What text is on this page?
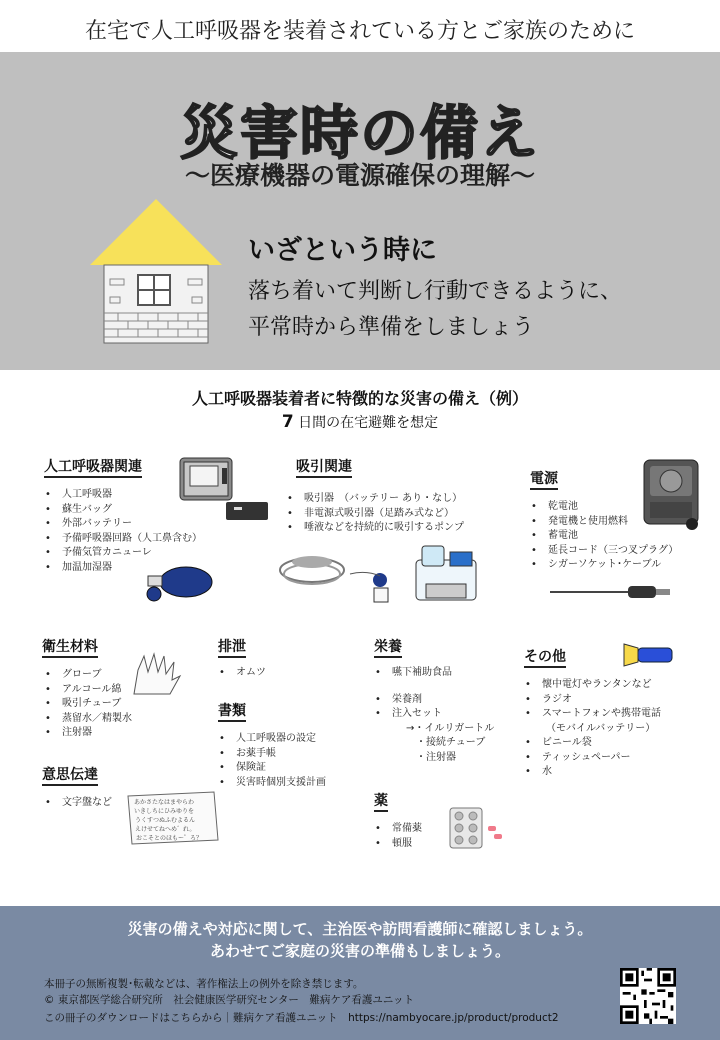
在宅で人工呼吸器を装着されている方とご家族のために
災害時の備え
～医療機器の電源確保の理解～
いざという時に
落ち着いて判断し行動できるように、
平常時から準備をしましょう
人工呼吸器装着者に特徴的な災害の備え（例）
7 日間の在宅避難を想定
人工呼吸器関連
• 人工呼吸器
• 蘇生バッグ
• 外部バッテリー
• 予備呼吸器回路（人工鼻含む）
• 予備気管カニューレ
• 加温加湿器
吸引関連
• 吸引器　（バッテリー あり・なし）
• 非電源式吸引器（足踏み式など）
• 唾液などを持続的に吸引するポンプ
電源
• 乾電池
• 発電機と使用燃料
• 蓄電池
• 延長コード（三つ叉プラグ）
• シガーソケット･ケーブル
衛生材料
• グローブ
• アルコール綿
• 吸引チューブ
• 蒸留水／精製水
• 注射器
意思伝達
• 文字盤など	あかさたなはまやらわ
いきしちにひみゆりを
うくすつぬふむよるん
えけせてねへめ゛れ。
おこそとのほもー゜ろ？
排泄
• オムツ
書類
• 人工呼吸器の設定
• お薬手帳
• 保険証
• 災害時個別支援計画
栄養
• 嚥下補助食品
• 栄養剤
• 注入セット
→・イルリガートル
・接続チューブ
・注射器
薬
• 常備薬
• 頓服
その他
• 懐中電灯やランタンなど
• ラジオ
• スマートフォンや携帯電話
（モバイルバッテリー）
• ビニール袋
• ティッシュペーパー
• 水
災害の備えや対応に関して、主治医や訪問看護師に確認しましょう。
あわせてご家庭の災害の準備もしましょう。
本冊子の無断複製･転載などは、著作権法上の例外を除き禁じます。
© 東京都医学総合研究所　社会健康医学研究センター　難病ケア看護ユニット
この冊子のダウンロードはこちらから｜難病ケア看護ユニット　https://nambyocare.jp/product/product2
